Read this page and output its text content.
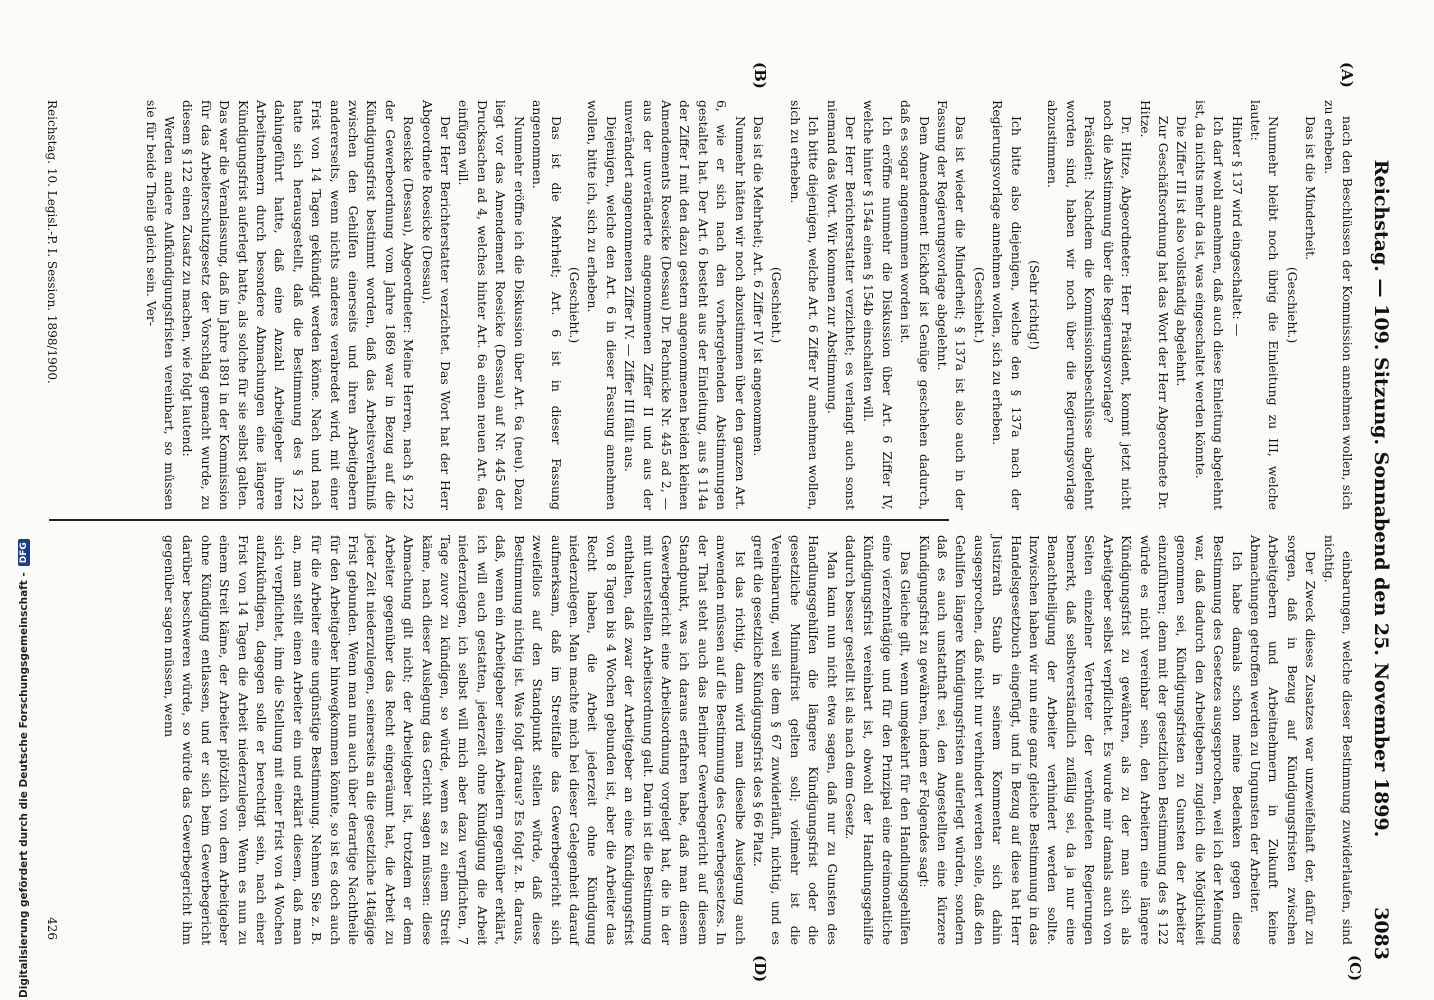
Reichstag. — 109. Sitzung. Sonnabend den 25. November 1899.
3083
(A)
(B)
(C)
(D)

nach den Beschlüssen der Kommission annehmen wollen, sich zu erheben.

Das ist die Minderheit.

(Geschieht.)

Nunmehr bleibt noch übrig die Einleitung zu III, welche lautet:

Hinter § 137 wird eingeschaltet: —

Ich darf wohl annehmen, daß auch diese Einleitung abgelehnt ist, da nichts mehr da ist, was eingeschaltet werden könnte.

Die Ziffer III ist also vollständig abgelehnt.

Zur Geschäftsordnung hat das Wort der Herr Abgeordnete Dr. Hitze.

Dr. Hitze, Abgeordneter: Herr Präsident, kommt jetzt nicht noch die Abstimmung über die Regierungsvorlage?

Präsident: Nachdem die Kommissionsbeschlüsse abgelehnt worden sind, haben wir noch über die Regierungsvorlage abzustimmen.

(Sehr richtig!)

Ich bitte also diejenigen, welche den § 137a nach der Regierungsvorlage annehmen wollen, sich zu erheben.

(Geschieht.)

Das ist wieder die Minderheit; § 137a ist also auch in der Fassung der Regierungsvorlage abgelehnt.

Dem Amendement Eickhoff ist Genüge geschehen dadurch, daß es sogar angenommen worden ist.

Ich eröffne nunmehr die Diskussion über Art. 6 Ziffer IV, welche hinter § 154a einen § 154b einschalten will.

Der Herr Berichterstatter verzichtet; es verlangt auch sonst niemand das Wort. Wir kommen zur Abstimmung.

Ich bitte diejenigen, welche Art. 6 Ziffer IV annehmen wollen, sich zu erheben.

(Geschieht.)

Das ist die Mehrheit; Art. 6 Ziffer IV ist angenommen.

Nunmehr hätten wir noch abzustimmen über den ganzen Art. 6, wie er sich nach den vorhergehenden Abstimmungen gestaltet hat. Der Art. 6 besteht aus der Einleitung, aus § 114a der Ziffer I mit den dazu gestern angenommenen beiden kleinen Amendements Roesicke (Dessau) Dr. Pachnicke Nr. 445 ad 2, — aus der unveränderte angenommenen Ziffer II und aus der unverändert angenommenen Ziffer IV. — Ziffer III fällt aus.

Diejenigen, welche den Art. 6 in dieser Fassung annehmen wollen, bitte ich, sich zu erheben.

(Geschieht.)

Das ist die Mehrheit; Art. 6 ist in dieser Fassung angenommen.

Nunmehr eröffne ich die Diskussion über Art. 6a (neu). Dazu liegt vor das Amendement Roesicke (Dessau) auf Nr. 445 der Drucksachen ad 4, welches hinter Art. 6a einen neuen Art. 6aa einfügen will.

Der Herr Berichterstatter verzichtet. Das Wort hat der Herr Abgeordnete Roesicke (Dessau).

Roesicke (Dessau), Abgeordneter: Meine Herren, nach § 122 der Gewerbeordnung vom Jahre 1869 war in Bezug auf die Kündigungsfrist bestimmt worden, daß das Arbeitsverhältniß zwischen den Gehilfen einerseits und ihren Arbeitgebern andererseits, wenn nichts anderes verabredet wird, mit einer Frist von 14 Tagen gekündigt werden könne. Nach und nach hatte sich herausgestellt, daß die Bestimmung des § 122 dahingeführt hatte, daß eine Anzahl Arbeitgeber ihren Arbeitnehmern durch besondere Abmachungen eine längere Kündigungsfrist auferlegt hatte, als solche für sie selbst galten. Das war die Veranlassung, daß im Jahre 1891 in der Kommission für das Arbeiterschutzgesetz der Vorschlag gemacht wurde, zu diesem § 122 einen Zusatz zu machen, wie folgt lautend:

Werden andere Aufkündigungsfristen vereinbart, so müssen sie für beide Theile gleich sein. Ver-

einbarungen, welche dieser Bestimmung zuwiderlaufen, sind nichtig.

Der Zweck dieses Zusatzes war unzweifelhaft der, dafür zu sorgen, daß in Bezug auf Kündigungsfristen zwischen Arbeitgebern und Arbeitnehmern in Zukunft keine Abmachungen getroffen werden zu Ungunsten der Arbeiter.

Ich habe damals schon meine Bedenken gegen diese Bestimmung des Gesetzes ausgesprochen, weil ich der Meinung war, daß dadurch den Arbeitgebern zugleich die Möglichkeit genommen sei, Kündigungsfristen zu Gunsten der Arbeiter einzuführen; denn mit der gesetzlichen Bestimmung des § 122 würde es nicht vereinbar sein, den Arbeitern eine längere Kündigungsfrist zu gewähren, als zu der man sich als Arbeitgeber selbst verpflichtet. Es wurde mir damals auch von Seiten einzelner Vertreter der verbündeten Regierungen bemerkt, daß selbstverständlich zufällig sei, da ja nur eine Benachtheiligung der Arbeiter verhindert werden sollte. Inzwischen haben wir nun eine ganz gleiche Bestimmung in das Handelsgesetzbuch eingefügt, und in Bezug auf diese hat Herr Justizrath Staub in seinem Kommentar sich dahin ausgesprochen, daß nicht nur verhindert werden solle, daß den Gehilfen längere Kündigungsfristen auferlegt würden, sondern daß es auch unstatthaft sei, den Angestellten eine kürzere Kündigungsfrist zu gewähren, indem er Folgendes sagt:

Das Gleiche gilt, wenn umgekehrt für den Handlungsgehilfen eine vierzehntägige und für den Prinzipal eine dreimonatliche Kündigungsfrist vereinbart ist, obwohl der Handlungsgehilfe dadurch besser gestellt ist als nach dem Gesetz.

Man kann nun nicht etwa sagen, daß nur zu Gunsten des Handlungsgehilfen die längere Kündigungsfrist oder die gesetzliche Minimalfrist gelten soll; vielmehr ist die Vereinbarung, weil sie dem § 67 zuwiderläuft, nichtig, und es greift die gesetzliche Kündigungsfrist des § 66 Platz.

Ist das richtig, dann wird man dieselbe Auslegung auch anwenden müssen auf die Bestimmung des Gewerbegesetzes. In der That steht auch das Berliner Gewerbegericht auf diesem Standpunkt, was ich daraus erfahren habe, daß man diesem Gewerbegericht eine Arbeitsordnung vorgelegt hat, die in der mit unterstellten Arbeitsordnung galt. Darin ist die Bestimmung enthalten, daß zwar der Arbeitgeber an eine Kündigungsfrist von 8 Tagen bis 4 Wochen gebunden ist, aber die Arbeiter das Recht haben, die Arbeit jederzeit ohne Kündigung niederzulegen. Man machte mich bei dieser Gelegenheit darauf aufmerksam, daß im Streitfalle das Gewerbegericht sich zweifellos auf den Standpunkt stellen würde, daß diese Bestimmung nichtig ist. Was folgt daraus? Es folgt z. B. daraus, daß, wenn ein Arbeitgeber seinen Arbeitern gegenüber erklärt, ich will euch gestatten, jederzeit ohne Kündigung die Arbeit niederzulegen, ich selbst will mich aber dazu verpflichten, 7 Tage zuvor zu kündigen, so würde, wenn es zu einem Streit käme, nach dieser Auslegung das Gericht sagen müssen: diese Abmachung gilt nicht; der Arbeitgeber ist, trotzdem er dem Arbeiter gegenüber das Recht eingeräumt hat, die Arbeit zu jeder Zeit niederzulegen, seinerseits an die gesetzliche 14tägige Frist gebunden. Wenn man nun auch über derartige Nachtheile für den Arbeitgeber hinwegkommen könnte, so ist es doch auch für die Arbeiter eine ungünstige Bestimmung. Nehmen Sie z. B. an, man stellt einen Arbeiter ein und erklärt diesem, daß man sich verpflichtet, ihm die Stellung mit einer Frist von 4 Wochen aufzukündigen, dagegen solle er berechtigt sein, nach einer Frist von 14 Tagen die Arbeit niederzulegen. Wenn es nun zu einem Streit käme, der Arbeiter plötzlich von dem Arbeitgeber ohne Kündigung entlassen, und er sich beim Gewerbegericht darüber beschweren würde, so würde das Gewerbegericht ihm gegenüber sagen müssen, wenn

Reichstag. 10. Legisl.-P. I. Session. 1898/1900.
426
Digitalisierung gefördert durch die Deutsche Forschungsgemeinschaft -
DFG
